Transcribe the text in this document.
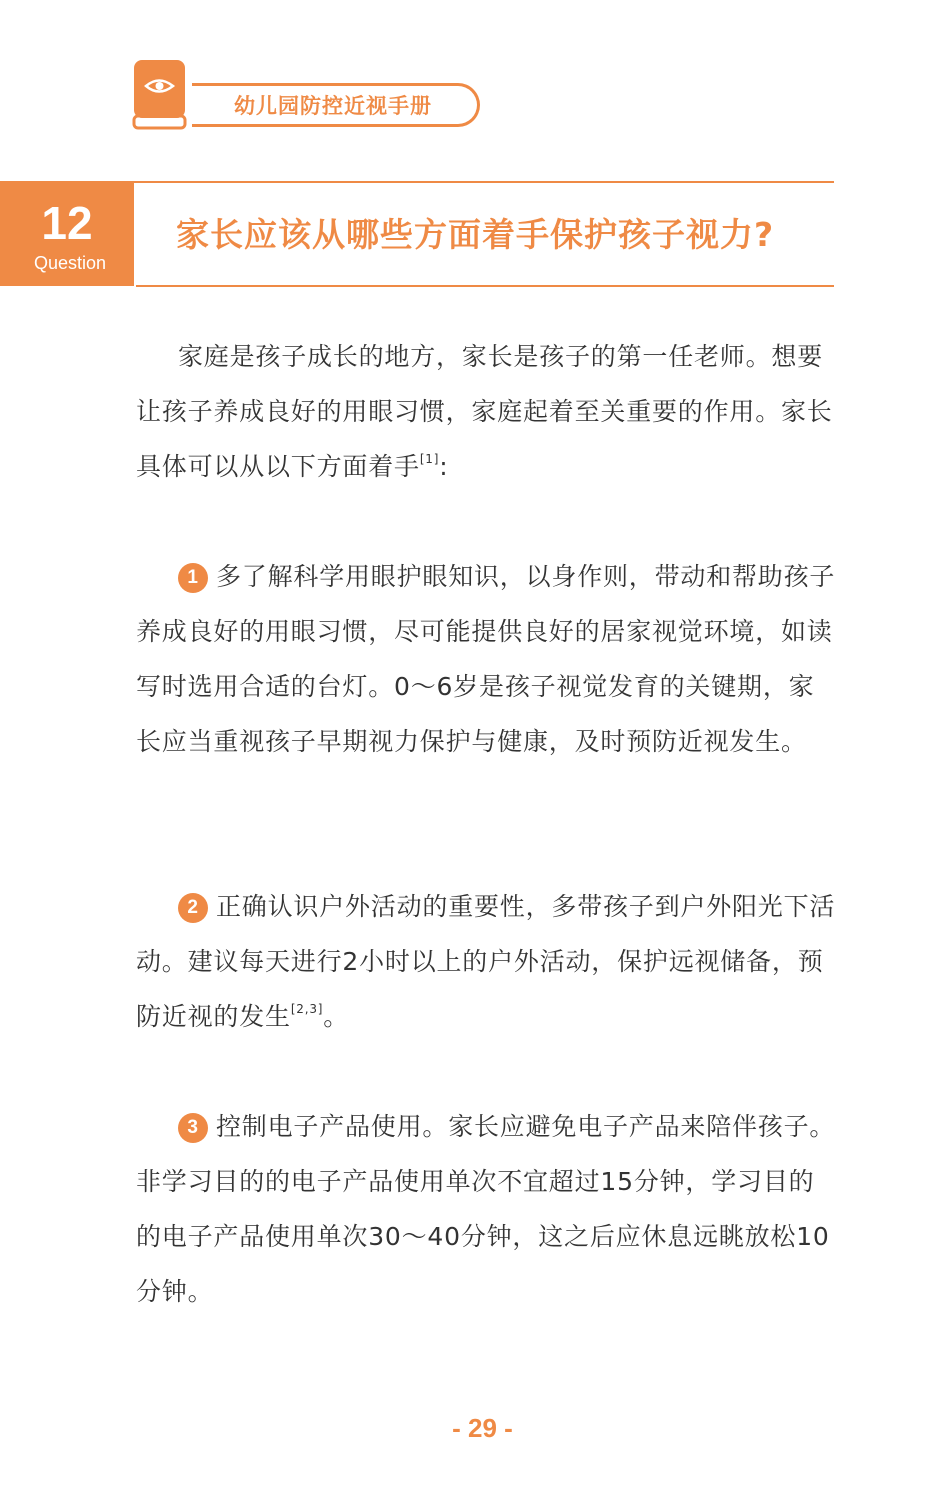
幼儿园防控近视手册
12
Question
家长应该从哪些方面着手保护孩子视力?
家庭是孩子成长的地方，家长是孩子的第一任老师。想要让孩子养成良好的用眼习惯，家庭起着至关重要的作用。家长具体可以从以下方面着手[1]:
1 多了解科学用眼护眼知识，以身作则，带动和帮助孩子养成良好的用眼习惯，尽可能提供良好的居家视觉环境，如读写时选用合适的台灯。0～6岁是孩子视觉发育的关键期，家长应当重视孩子早期视力保护与健康，及时预防近视发生。
2 正确认识户外活动的重要性，多带孩子到户外阳光下活动。建议每天进行2小时以上的户外活动，保护远视储备，预防近视的发生[2,3]。
3 控制电子产品使用。家长应避免电子产品来陪伴孩子。非学习目的的电子产品使用单次不宜超过15分钟，学习目的的电子产品使用单次30～40分钟，这之后应休息远眺放松10分钟。
- 29 -
